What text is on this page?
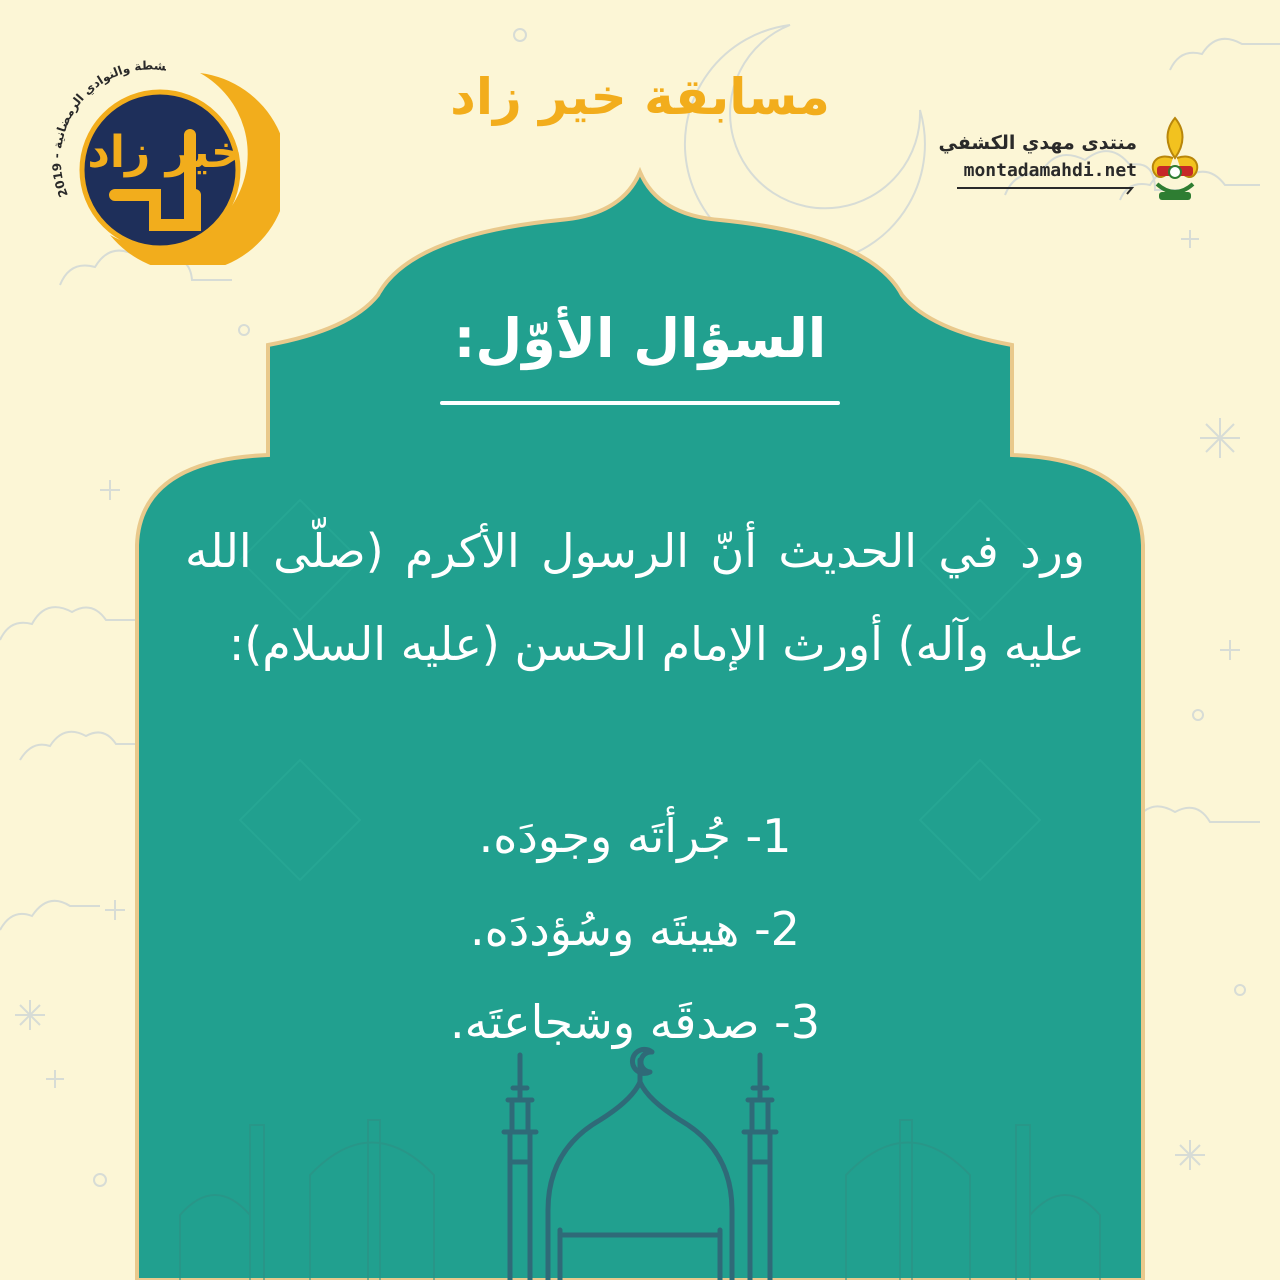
منتدى مهدي الكشفي
montadamahdi.net
شطة والنوادي الرمضانية - 2019 خير زاد
مسابقة خير زاد
السؤال الأوّل:
ورد في الحديث أنّ الرسول الأكرم (صلّى الله عليه وآله) أورث الإمام الحسن (عليه السلام):
1- جُرأتَه وجودَه.
2- هيبتَه وسُؤددَه.
3- صدقَه وشجاعتَه.
